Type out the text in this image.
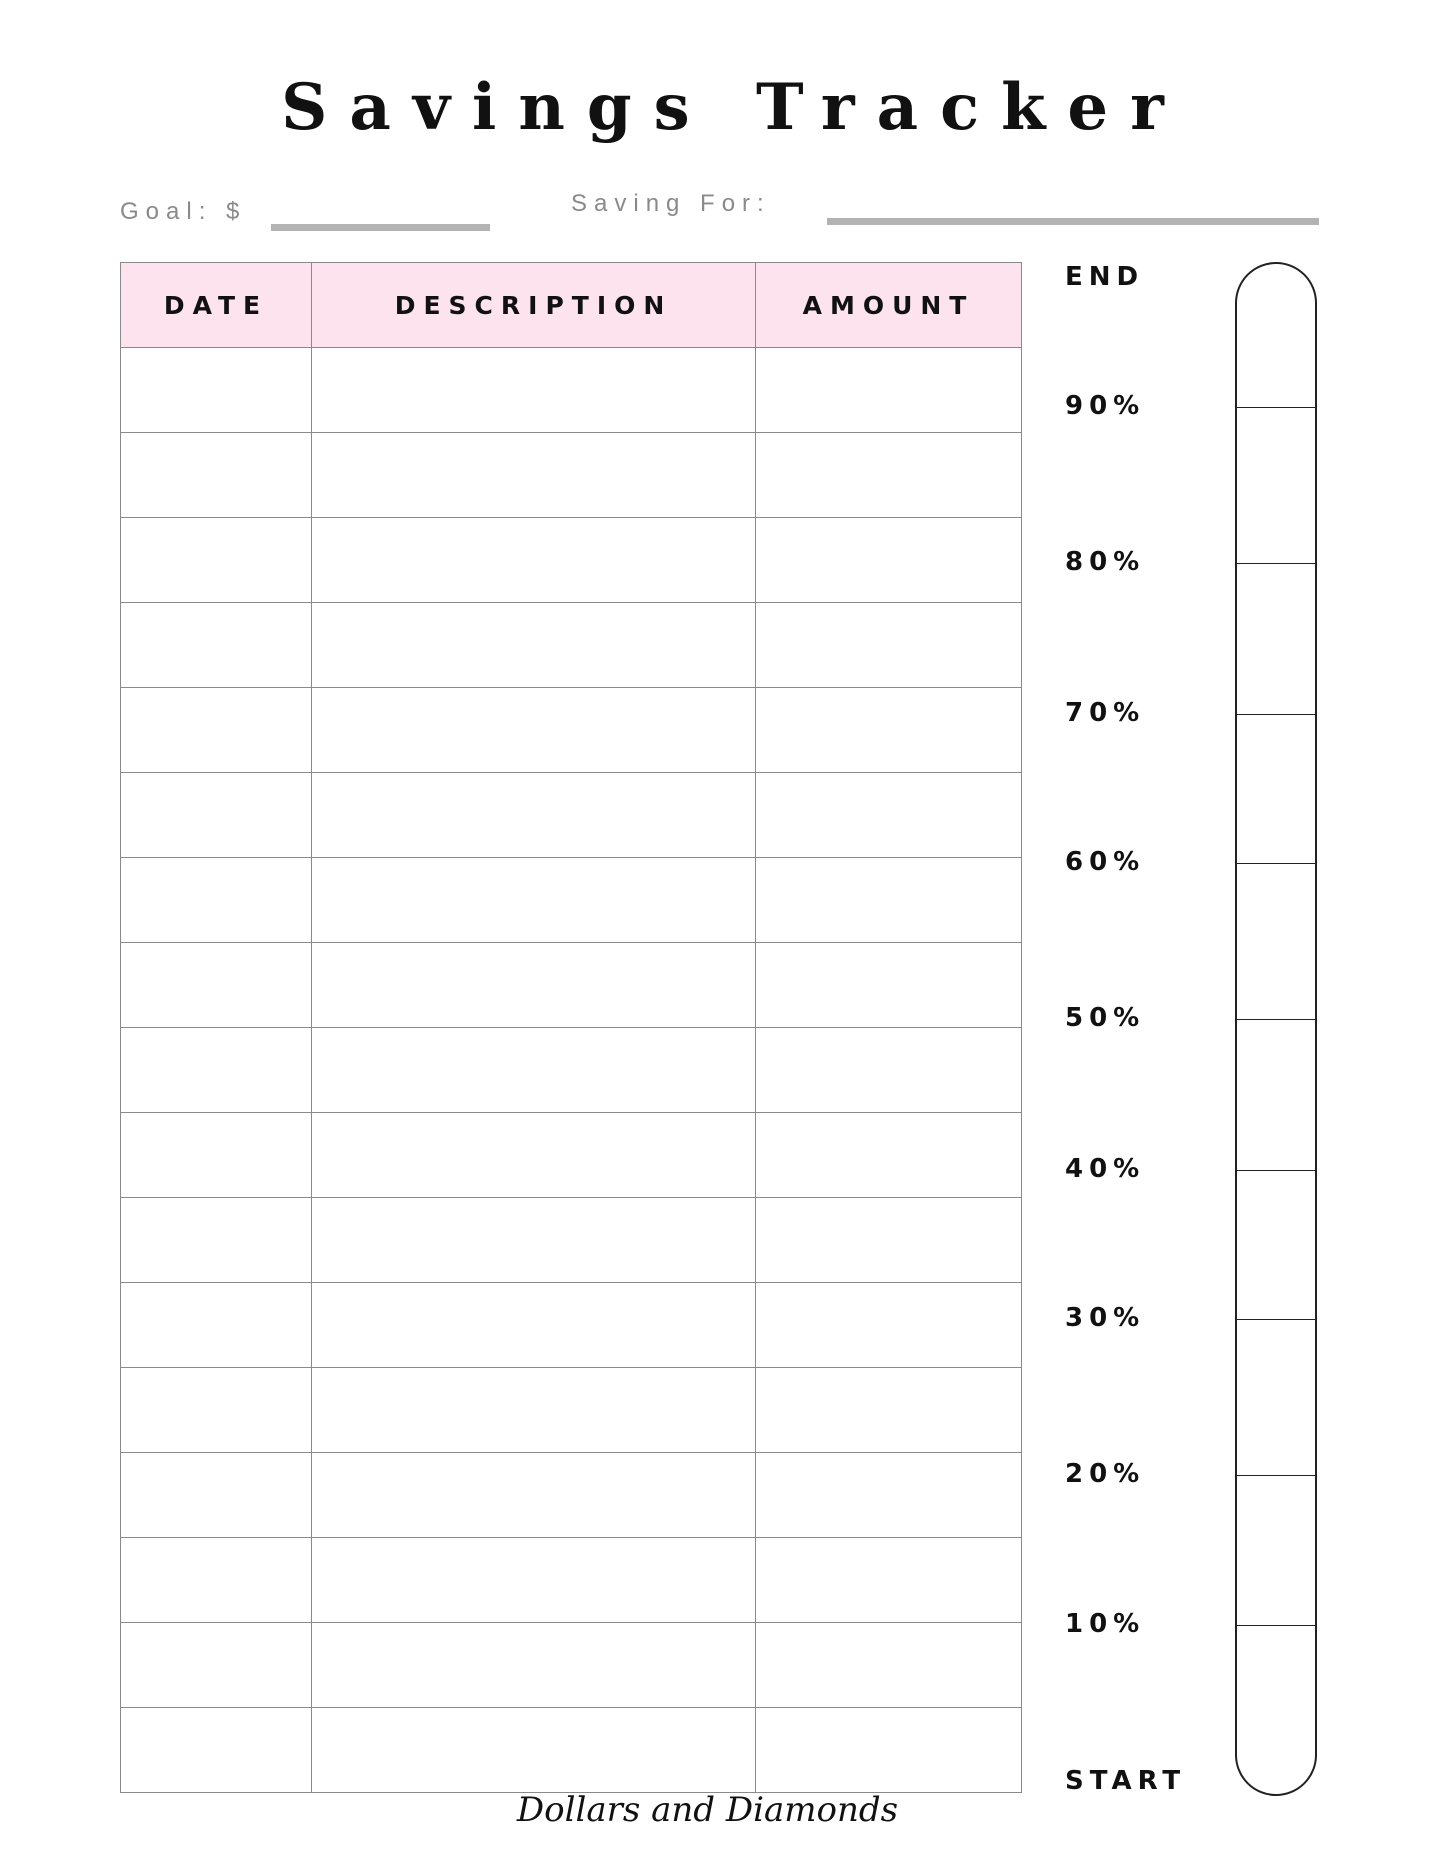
Savings Tracker
Goal: $	Saving For:
DATE	DESCRIPTION	AMOUNT

END
90%
80%
70%
60%
50%
40%
30%
20%
10%
START
Dollars and Diamonds
